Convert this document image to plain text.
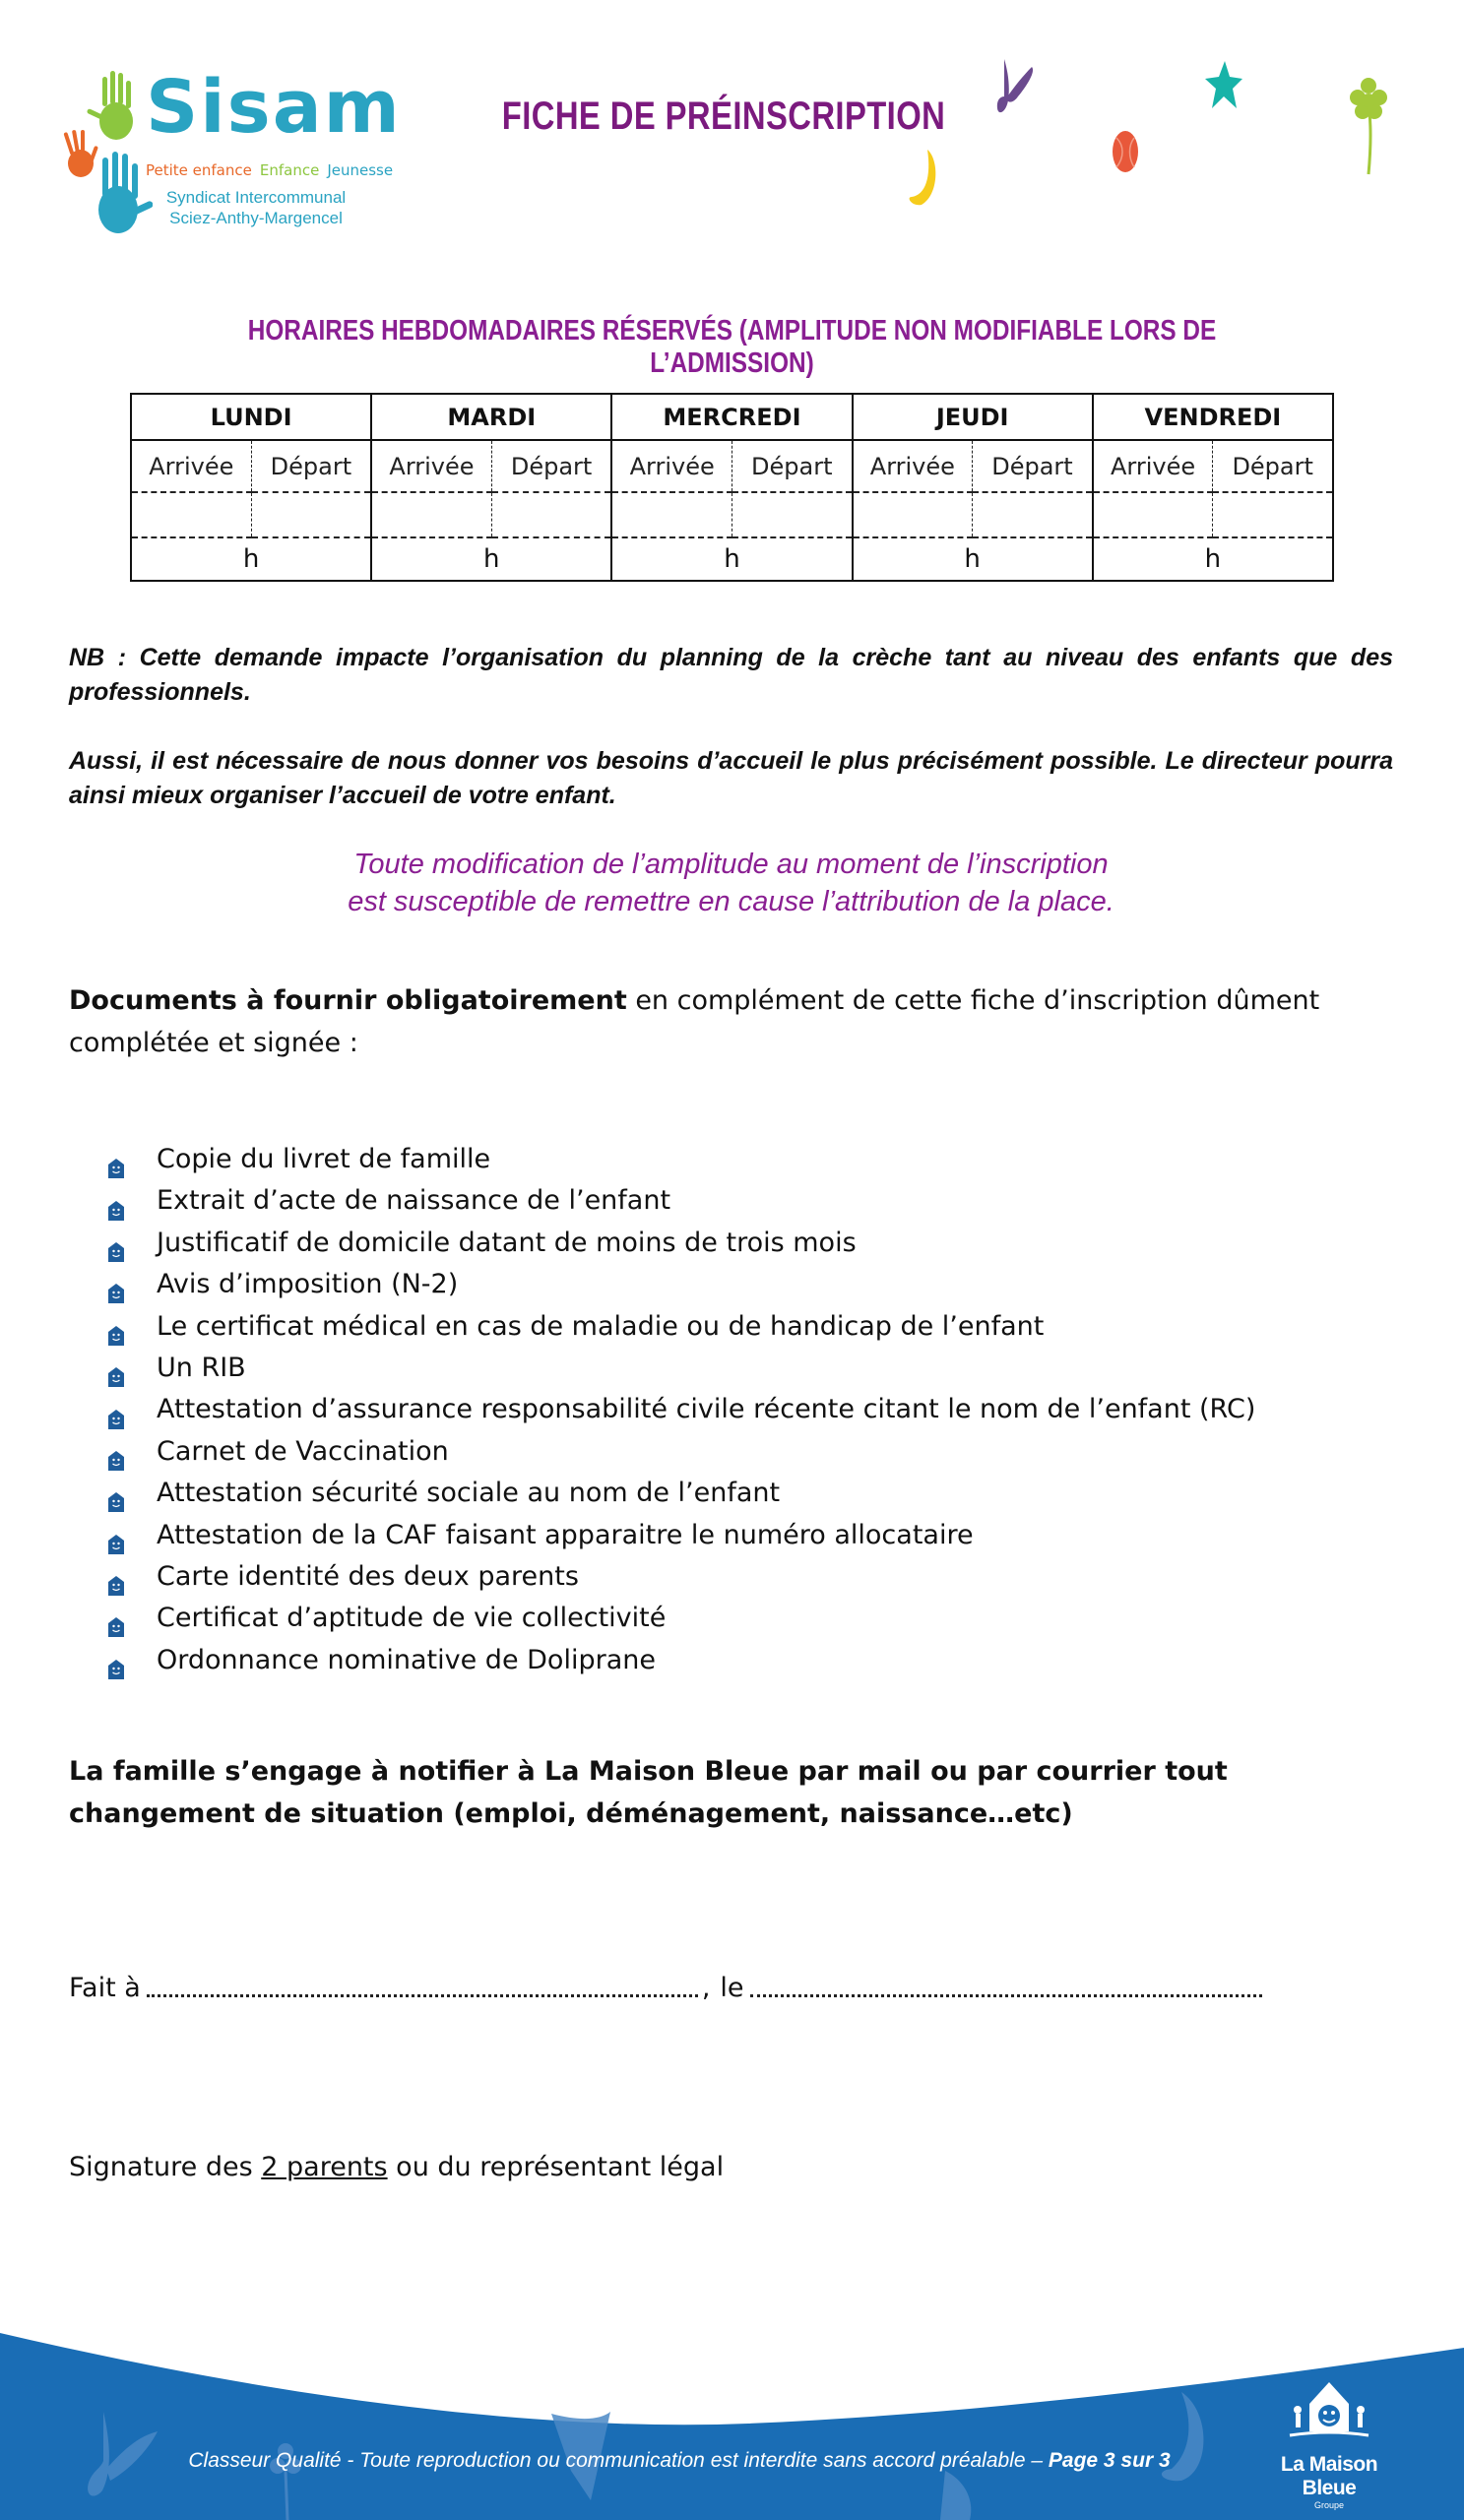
Sisam
Petite enfance Enfance Jeunesse
Syndicat Intercommunal
Sciez-Anthy-Margencel
FICHE DE PRÉINSCRIPTION
HORAIRES HEBDOMADAIRES RÉSERVÉS (AMPLITUDE NON MODIFIABLE LORS DE L’ADMISSION)
LUNDI		MARDI		MERCREDI		JEUDI		VENDREDI	
Arrivée	Départ	Arrivée	Départ	Arrivée	Départ	Arrivée	Départ	Arrivée	Départ

h		h		h		h		h	

NB : Cette demande impacte l’organisation du planning de la crèche tant au niveau des enfants que des professionnels.

Aussi, il est nécessaire de nous donner vos besoins d’accueil le plus précisément possible. Le directeur pourra ainsi mieux organiser l’accueil de votre enfant.

Toute modification de l’amplitude au moment de l’inscription
est susceptible de remettre en cause l’attribution de la place.
Documents à fournir obligatoirement en complément de cette fiche d’inscription dûment complétée et signée :
Copie du livret de famille
Extrait d’acte de naissance de l’enfant
Justificatif de domicile datant de moins de trois mois
Avis d’imposition (N-2)
Le certificat médical en cas de maladie ou de handicap de l’enfant
Un RIB
Attestation d’assurance responsabilité civile récente citant le nom de l’enfant (RC)
Carnet de Vaccination
Attestation sécurité sociale au nom de l’enfant
Attestation de la CAF faisant apparaitre le numéro allocataire
Carte identité des deux parents
Certificat d’aptitude de vie collectivité
Ordonnance nominative de Doliprane
La famille s’engage à notifier à La Maison Bleue par mail ou par courrier tout changement de situation (emploi, déménagement, naissance…etc)
Fait à	, le
Signature des 2 parents ou du représentant légal
Classeur Qualité - Toute reproduction ou communication est interdite sans accord préalable – Page 3 sur 3	La Maison Bleue
Groupe
